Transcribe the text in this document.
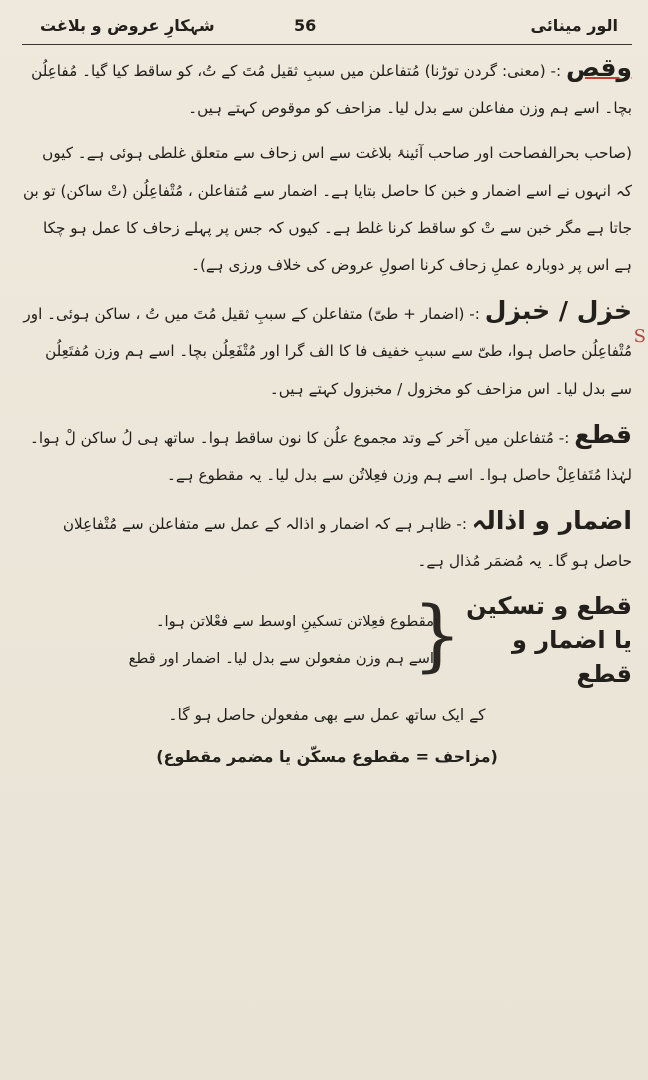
شہکارِ عروض و بلاغت	56	الور مینائی
S

وقص :- (معنی: گردن توڑنا) مُتفاعلن میں سببِ ثقیل مُتَ کے تُ، کو ساقط کیا گیا۔ مُفاعِلُن بچا۔ اسے ہم وزن مفاعلن سے بدل لیا۔ مزاحف کو موقوص کہتے ہیں۔

(صاحب بحرالفصاحت اور صاحب آئینۂ بلاغت سے اس زحاف سے متعلق غلطی ہوئی ہے۔ کیوں کہ انہوں نے اسے اضمار و خبن کا حاصل بتایا ہے۔ اضمار سے مُتفاعلن ، مُتْفاعِلُن (تْ ساکن) تو بن جاتا ہے مگر خبن سے تْ کو ساقط کرنا غلط ہے۔ کیوں کہ جس پر پہلے زحاف کا عمل ہو چکا ہے اس پر دوبارہ عملِ زحاف کرنا اصولِ عروض کی خلاف ورزی ہے)۔

خزل / خبزل :- (اضمار + طیّ) متفاعلن کے سببِ ثقیل مُتَ میں تُ ، ساکن ہوئی۔ اور مُتْفاعِلُن حاصل ہوا، طیّ سے سببِ خفیف فا کا الف گرا اور مُتْفَعِلُن بچا۔ اسے ہم وزن مُفتَعِلُن سے بدل لیا۔ اس مزاحف کو مخزول / مخبزول کہتے ہیں۔

قطع :- مُتفاعلن میں آخر کے وتد مجموع علُن کا نون ساقط ہوا۔ ساتھ ہی لُ ساکن لْ ہوا۔ لہٰذا مُتَفاعِلْ حاصل ہوا۔ اسے ہم وزن فعِلاتُن سے بدل لیا۔ یہ مقطوع ہے۔

اضمار و اذالہ :- ظاہر ہے کہ اضمار و اذالہ کے عمل سے متفاعلن سے مُتْفاعِلان حاصل ہو گا۔ یہ مُضمَر مُذال ہے۔

قطع و تسکین
یا اضمار و قطع
{
مقطوع فعِلاتن تسکینِ اوسط سے فعْلاتن ہوا۔
اسے ہم وزن مفعولن سے بدل لیا۔ اضمار اور قطع
کے ایک ساتھ عمل سے بھی مفعولن حاصل ہو گا۔
(مزاحف = مقطوع مسکّن یا مضمر مقطوع)
